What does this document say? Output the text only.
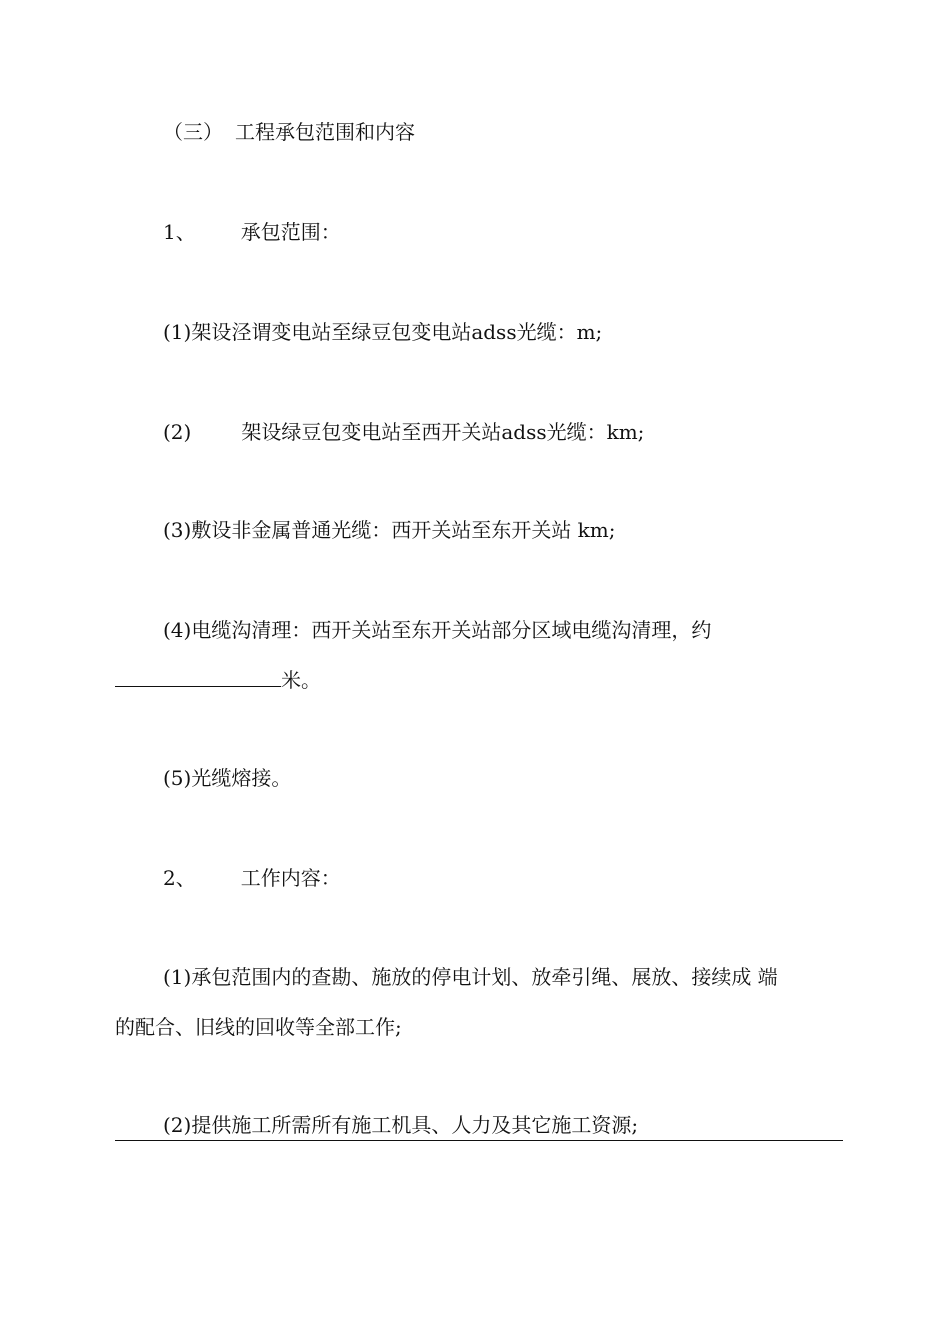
（三） 工程承包范围和内容
1、 承包范围：
(1)架设泾谓变电站至绿豆包变电站adss光缆：m;
(2)	架设绿豆包变电站至西开关站adss光缆：km;
(3)敷设非金属普通光缆：西开关站至东开关站 km;
(4)电缆沟清理：西开关站至东开关站部分区域电缆沟清理，约
米。
(5)光缆熔接。
2、 工作内容：
(1)承包范围内的查勘、施放的停电计划、放牵引绳、展放、接续成 端
的配合、旧线的回收等全部工作;
(2)提供施工所需所有施工机具、人力及其它施工资源;
